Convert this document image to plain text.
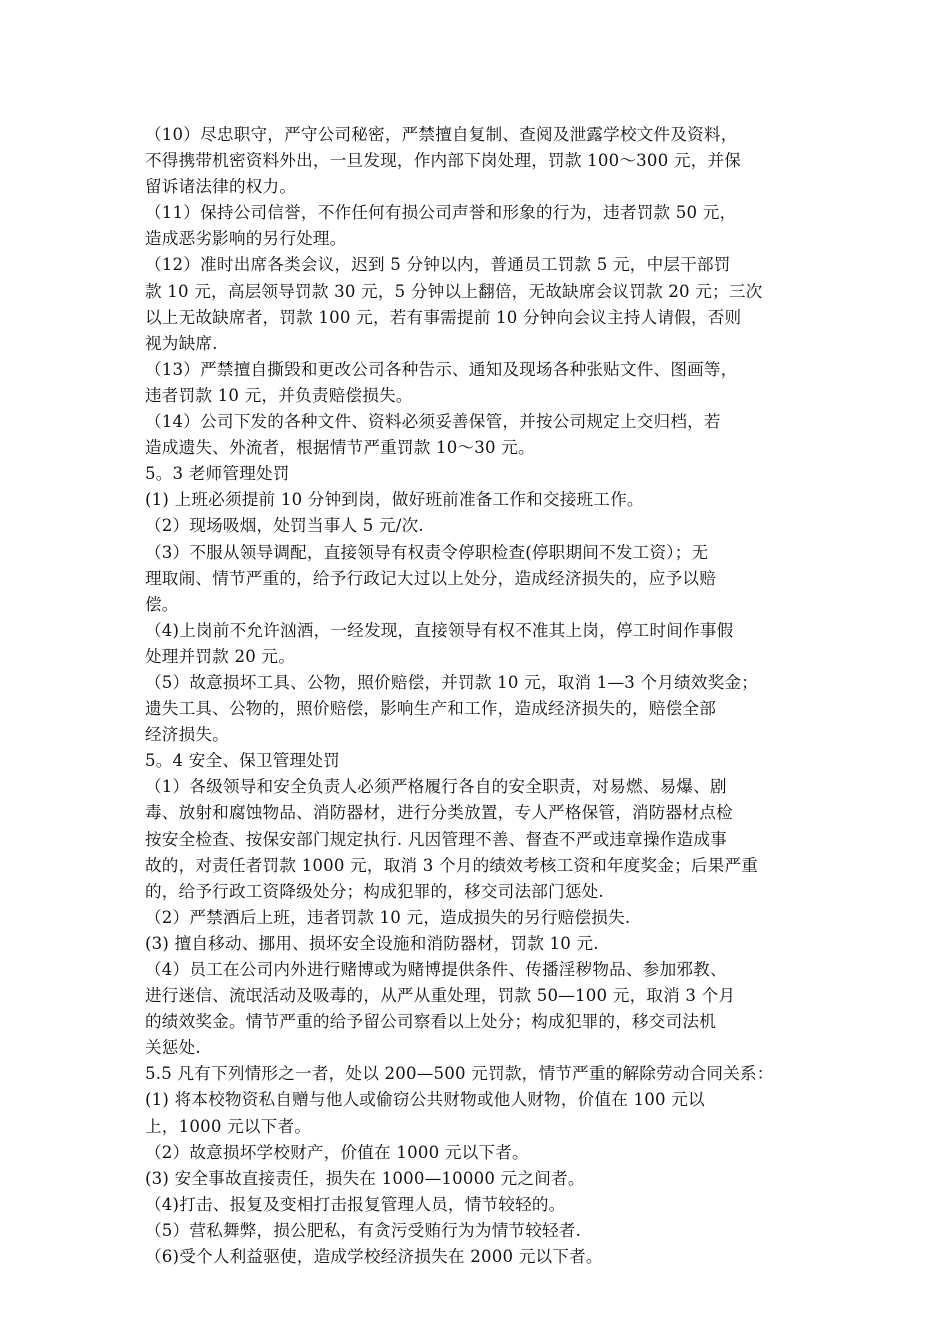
（10）尽忠职守，严守公司秘密，严禁擅自复制、查阅及泄露学校文件及资料，
不得携带机密资料外出，一旦发现，作内部下岗处理，罚款 100～300 元，并保
留诉诸法律的权力。

（11）保持公司信誉，不作任何有损公司声誉和形象的行为，违者罚款 50 元，
造成恶劣影响的另行处理。

（12）准时出席各类会议，迟到 5 分钟以内，普通员工罚款 5 元，中层干部罚
款 10 元，高层领导罚款 30 元，5 分钟以上翻倍，无故缺席会议罚款 20 元；三次
以上无故缺席者，罚款 100 元，若有事需提前 10 分钟向会议主持人请假，否则
视为缺席.

（13）严禁擅自撕毁和更改公司各种告示、通知及现场各种张贴文件、图画等，
违者罚款 10 元，并负责赔偿损失。

（14）公司下发的各种文件、资料必须妥善保管，并按公司规定上交归档，若
造成遗失、外流者，根据情节严重罚款 10～30 元。

5。3 老师管理处罚

(1) 上班必须提前 10 分钟到岗，做好班前准备工作和交接班工作。

（2）现场吸烟，处罚当事人 5 元/次.

（3）不服从领导调配，直接领导有权责令停职检查(停职期间不发工资）；无
理取闹、情节严重的，给予行政记大过以上处分，造成经济损失的，应予以赔
偿。

（4)上岗前不允许汹酒，一经发现，直接领导有权不准其上岗，停工时间作事假
处理并罚款 20 元。

（5）故意损坏工具、公物，照价赔偿，并罚款 10 元，取消 1—3 个月绩效奖金；
遗失工具、公物的，照价赔偿，影响生产和工作，造成经济损失的，赔偿全部
经济损失。

5。4 安全、保卫管理处罚

（1）各级领导和安全负责人必须严格履行各自的安全职责，对易燃、易爆、剧
毒、放射和腐蚀物品、消防器材，进行分类放置，专人严格保管，消防器材点检
按安全检查、按保安部门规定执行. 凡因管理不善、督查不严或违章操作造成事
故的，对责任者罚款 1000 元，取消 3 个月的绩效考核工资和年度奖金；后果严重
的，给予行政工资降级处分；构成犯罪的，移交司法部门惩处.

（2）严禁酒后上班，违者罚款 10 元，造成损失的另行赔偿损失.

(3) 擅自移动、挪用、损坏安全设施和消防器材，罚款 10 元.

（4）员工在公司内外进行赌博或为赌博提供条件、传播淫秽物品、参加邪教、
进行迷信、流氓活动及吸毒的，从严从重处理，罚款 50—100 元，取消 3 个月
的绩效奖金。情节严重的给予留公司察看以上处分；构成犯罪的，移交司法机
关惩处.

5.5 凡有下列情形之一者，处以 200—500 元罚款，情节严重的解除劳动合同关系：

(1) 将本校物资私自赠与他人或偷窃公共财物或他人财物，价值在 100 元以
上，1000 元以下者。

（2）故意损坏学校财产，价值在 1000 元以下者。

(3) 安全事故直接责任，损失在 1000—10000 元之间者。

（4)打击、报复及变相打击报复管理人员，情节较轻的。

（5）营私舞弊，损公肥私，有贪污受贿行为为情节较轻者.

（6)受个人利益驱使，造成学校经济损失在 2000 元以下者。
